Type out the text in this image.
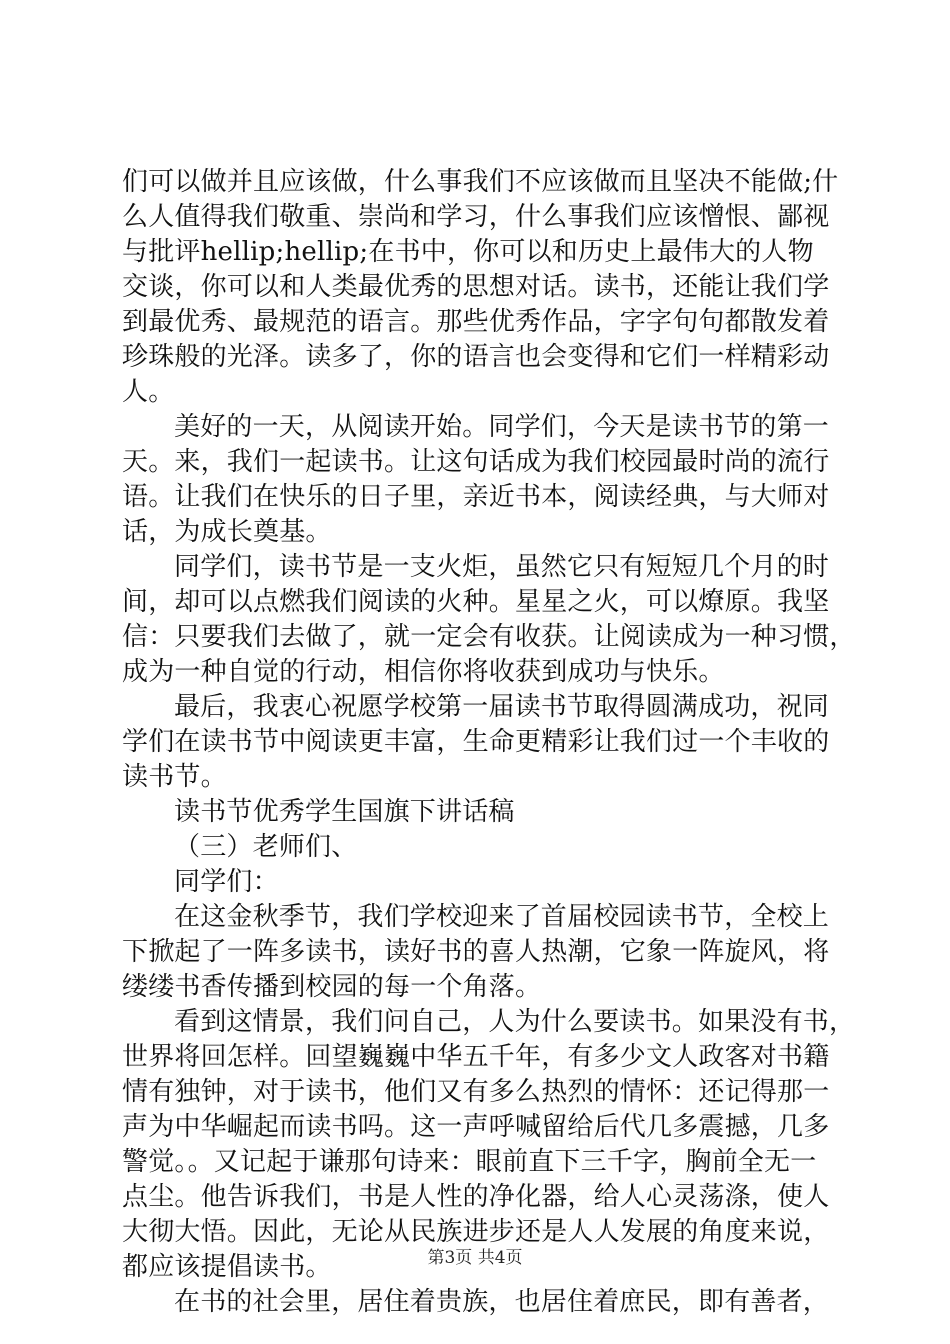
们可以做并且应该做，什么事我们不应该做而且坚决不能做;什
么人值得我们敬重、崇尚和学习，什么事我们应该憎恨、鄙视
与批评hellip;hellip;在书中，你可以和历史上最伟大的人物
交谈，你可以和人类最优秀的思想对话。读书，还能让我们学
到最优秀、最规范的语言。那些优秀作品，字字句句都散发着
珍珠般的光泽。读多了，你的语言也会变得和它们一样精彩动
人。
美好的一天，从阅读开始。同学们，今天是读书节的第一
天。来，我们一起读书。让这句话成为我们校园最时尚的流行
语。让我们在快乐的日子里，亲近书本，阅读经典，与大师对
话，为成长奠基。
同学们，读书节是一支火炬，虽然它只有短短几个月的时
间，却可以点燃我们阅读的火种。星星之火，可以燎原。我坚
信：只要我们去做了，就一定会有收获。让阅读成为一种习惯，
成为一种自觉的行动，相信你将收获到成功与快乐。
最后，我衷心祝愿学校第一届读书节取得圆满成功，祝同
学们在读书节中阅读更丰富，生命更精彩让我们过一个丰收的
读书节。
读书节优秀学生国旗下讲话稿
（三）老师们、
同学们：
在这金秋季节，我们学校迎来了首届校园读书节，全校上
下掀起了一阵多读书，读好书的喜人热潮，它象一阵旋风，将
缕缕书香传播到校园的每一个角落。
看到这情景，我们问自己，人为什么要读书。如果没有书，
世界将回怎样。回望巍巍中华五千年，有多少文人政客对书籍
情有独钟，对于读书，他们又有多么热烈的情怀：还记得那一
声为中华崛起而读书吗。这一声呼喊留给后代几多震撼，几多
警觉。。又记起于谦那句诗来：眼前直下三千字，胸前全无一
点尘。他告诉我们，书是人性的净化器，给人心灵荡涤，使人
大彻大悟。因此，无论从民族进步还是人人发展的角度来说，
都应该提倡读书。
在书的社会里，居住着贵族，也居住着庶民，即有善者，
第3页 共4页
